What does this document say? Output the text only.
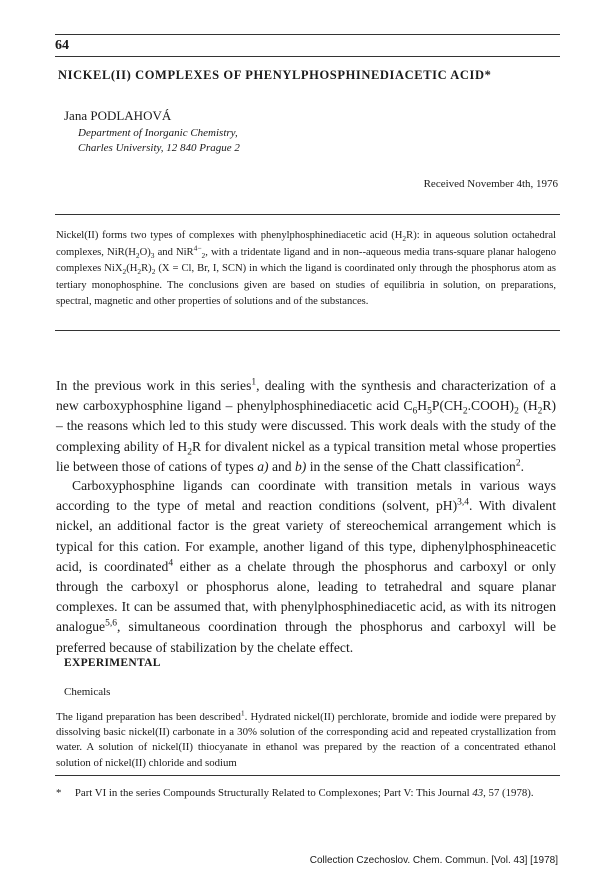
64
NICKEL(II) COMPLEXES OF PHENYLPHOSPHINEDIACETIC ACID*
Jana PODLAHOVÁ
Department of Inorganic Chemistry,
Charles University, 12 840 Prague 2
Received November 4th, 1976

Nickel(II) forms two types of complexes with phenylphosphinediacetic acid $(H_2R)$: in aqueous solution octahedral complexes, $NiR(H_2O)_3$ and NiR$^{4-}_2$, with a tridentate ligand and in non--aqueous media trans-square planar halogeno complexes $NiX_2(H_2R)_2$ (X = Cl, Br, I, SCN) in which the ligand is coordinated only through the phosphorus atom as tertiary monophosphine. The conclusions given are based on studies of equilibria in solution, on preparations, spectral, magnetic and other properties of solutions and of the substances.

In the previous work in this series$^1$, dealing with the synthesis and characterization of a new carboxyphosphine ligand – phenylphosphinediacetic acid $C_6H_5P(CH_2.COOH)_2$ $(H_2R)$ – the reasons which led to this study were discussed. This work deals with the study of the complexing ability of $H_2R$ for divalent nickel as a typical transition metal whose properties lie between those of cations of types a) and b) in the sense of the Chatt classification$^2$.

Carboxyphosphine ligands can coordinate with transition metals in various ways according to the type of metal and reaction conditions (solvent, pH)$^{3,4}$. With divalent nickel, an additional factor is the great variety of stereochemical arrangement which is typical for this cation. For example, another ligand of this type, diphenylphosphineacetic acid, is coordinated$^4$ either as a chelate through the phosphorus and carboxyl or only through the carboxyl or phosphorus alone, leading to tetrahedral and square planar complexes. It can be assumed that, with phenylphosphinediacetic acid, as with its nitrogen analogue$^{5,6}$, simultaneous coordination through the phosphorus and carboxyl will be preferred because of stabilization by the chelate effect.

EXPERIMENTAL
Chemicals

The ligand preparation has been described$^1$. Hydrated nickel(II) perchlorate, bromide and iodide were prepared by dissolving basic nickel(II) carbonate in a 30% solution of the corresponding acid and repeated crystallization from water. A solution of nickel(II) thiocyanate in ethanol was prepared by the reaction of a concentrated ethanol solution of nickel(II) chloride and sodium

* Part VI in the series Compounds Structurally Related to Complexones; Part V: This Journal 43, 57 (1978).

Collection Czechoslov. Chem. Commun. [Vol. 43] [1978]
